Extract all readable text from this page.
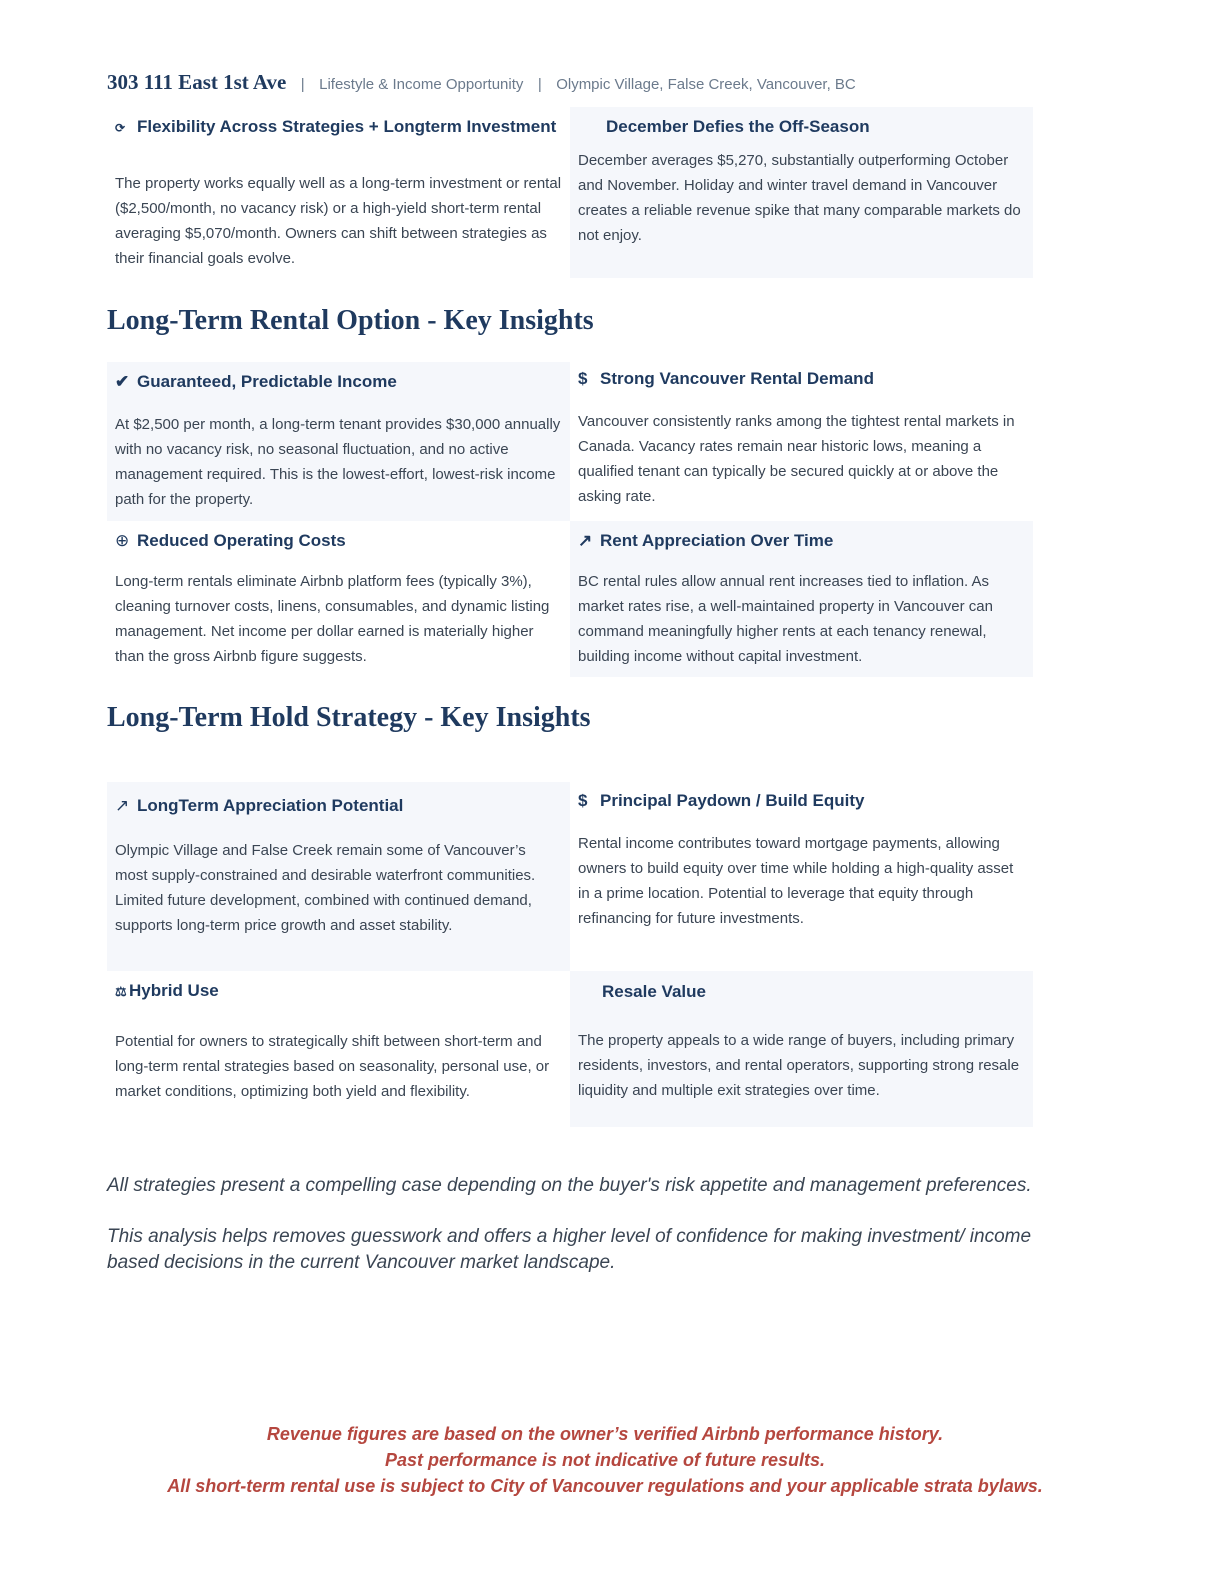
303 111 East 1st Ave | Lifestyle & Income Opportunity | Olympic Village, False Creek, Vancouver, BC
⟳ Flexibility Across Strategies + Longterm Investment

The property works equally well as a long-term investment or rental ($2,500/month, no vacancy risk) or a high-yield short-term rental averaging $5,070/month. Owners can shift between strategies as their financial goals evolve.

December Defies the Off-Season

December averages $5,270, substantially outperforming October and November. Holiday and winter travel demand in Vancouver creates a reliable revenue spike that many comparable markets do not enjoy.

Long-Term Rental Option - Key Insights
✔ Guaranteed, Predictable Income

At $2,500 per month, a long-term tenant provides $30,000 annually with no vacancy risk, no seasonal fluctuation, and no active management required. This is the lowest-effort, lowest-risk income path for the property.

$ Strong Vancouver Rental Demand

Vancouver consistently ranks among the tightest rental markets in Canada. Vacancy rates remain near historic lows, meaning a qualified tenant can typically be secured quickly at or above the asking rate.

⊕ Reduced Operating Costs

Long-term rentals eliminate Airbnb platform fees (typically 3%), cleaning turnover costs, linens, consumables, and dynamic listing management. Net income per dollar earned is materially higher than the gross Airbnb figure suggests.

↗ Rent Appreciation Over Time

BC rental rules allow annual rent increases tied to inflation. As market rates rise, a well-maintained property in Vancouver can command meaningfully higher rents at each tenancy renewal, building income without capital investment.

Long-Term Hold Strategy - Key Insights
↗ LongTerm Appreciation Potential

Olympic Village and False Creek remain some of Vancouver’s most supply-constrained and desirable waterfront communities. Limited future development, combined with continued demand, supports long-term price growth and asset stability.

$ Principal Paydown / Build Equity

Rental income contributes toward mortgage payments, allowing owners to build equity over time while holding a high-quality asset in a prime location. Potential to leverage that equity through refinancing for future investments.

⚖ Hybrid Use

Potential for owners to strategically shift between short-term and long-term rental strategies based on seasonality, personal use, or market conditions, optimizing both yield and flexibility.

Resale Value

The property appeals to a wide range of buyers, including primary residents, investors, and rental operators, supporting strong resale liquidity and multiple exit strategies over time.

All strategies present a compelling case depending on the buyer's risk appetite and management preferences.

This analysis helps removes guesswork and offers a higher level of confidence for making investment/ income based decisions in the current Vancouver market landscape.

Revenue figures are based on the owner’s verified Airbnb performance history.
Past performance is not indicative of future results.
All short-term rental use is subject to City of Vancouver regulations and your applicable strata bylaws.
